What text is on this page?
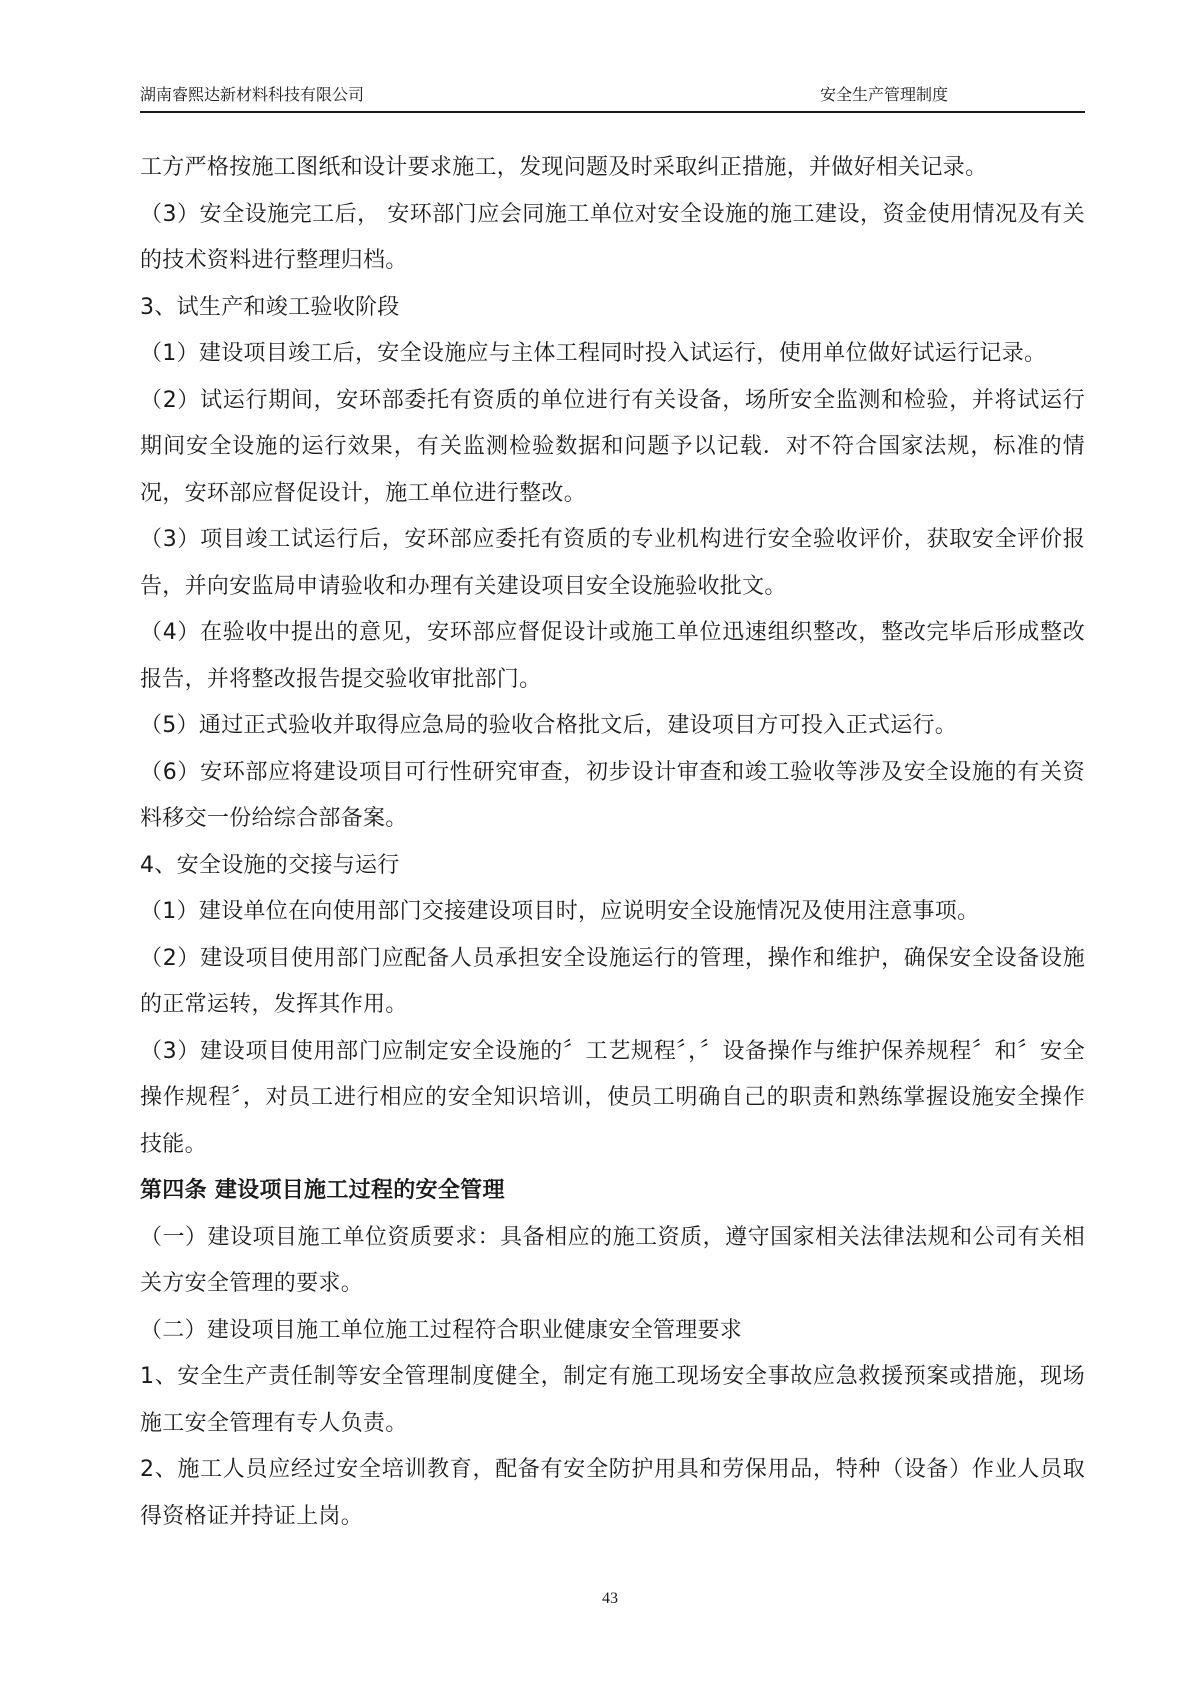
湖南睿熙达新材料科技有限公司	安全生产管理制度

工方严格按施工图纸和设计要求施工，发现问题及时采取纠正措施，并做好相关记录。

（3）安全设施完工后， 安环部门应会同施工单位对安全设施的施工建设，资金使用情况及有关的技术资料进行整理归档。

3、试生产和竣工验收阶段

（1）建设项目竣工后，安全设施应与主体工程同时投入试运行，使用单位做好试运行记录。

（2）试运行期间，安环部委托有资质的单位进行有关设备，场所安全监测和检验，并将试运行期间安全设施的运行效果，有关监测检验数据和问题予以记载．对不符合国家法规，标准的情况，安环部应督促设计，施工单位进行整改。

（3）项目竣工试运行后，安环部应委托有资质的专业机构进行安全验收评价，获取安全评价报告，并向安监局申请验收和办理有关建设项目安全设施验收批文。

（4）在验收中提出的意见，安环部应督促设计或施工单位迅速组织整改，整改完毕后形成整改报告，并将整改报告提交验收审批部门。

（5）通过正式验收并取得应急局的验收合格批文后，建设项目方可投入正式运行。

（6）安环部应将建设项目可行性研究审查，初步设计审查和竣工验收等涉及安全设施的有关资料移交一份给综合部备案。

4、安全设施的交接与运行

（1）建设单位在向使用部门交接建设项目时，应说明安全设施情况及使用注意事项。

（2）建设项目使用部门应配备人员承担安全设施运行的管理，操作和维护，确保安全设备设施的正常运转，发挥其作用。

（3）建设项目使用部门应制定安全设施的〞工艺规程〞，〞设备操作与维护保养规程〞和〞安全操作规程〞，对员工进行相应的安全知识培训，使员工明确自己的职责和熟练掌握设施安全操作技能。

第四条 建设项目施工过程的安全管理

（一）建设项目施工单位资质要求：具备相应的施工资质，遵守国家相关法律法规和公司有关相关方安全管理的要求。

（二）建设项目施工单位施工过程符合职业健康安全管理要求

1、安全生产责任制等安全管理制度健全，制定有施工现场安全事故应急救援预案或措施，现场施工安全管理有专人负责。

2、施工人员应经过安全培训教育，配备有安全防护用具和劳保用品，特种（设备）作业人员取得资格证并持证上岗。

43
